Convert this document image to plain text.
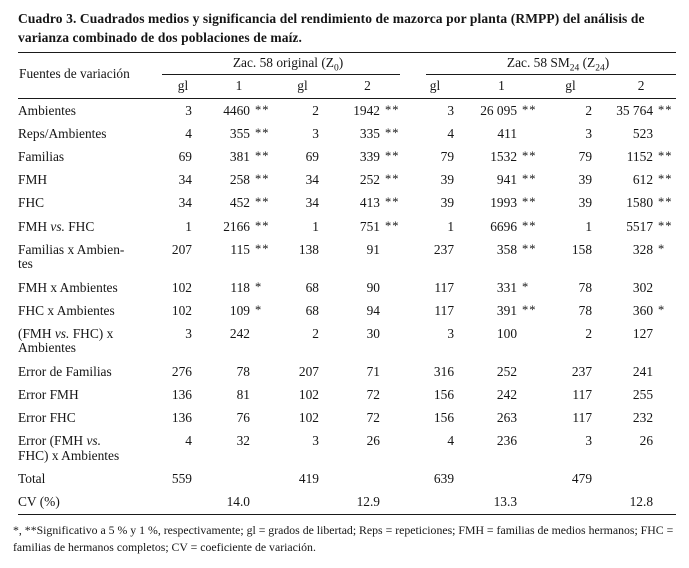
Cuadro 3. Cuadrados medios y significancia del rendimiento de mazorca por planta (RMPP) del análisis de varianza combinado de dos poblaciones de maíz.
Fuentes de variación	Zac. 58 original $(Z_0)$						Zac. 58 $SM_{24}$ $(Z_{24})$					

	gl	1		gl	2		gl	1		gl	2	
Ambientes	3	4460	**	2	1942	**	3	26 095	**	2	35 764	**
Reps/Ambientes	4	355	**	3	335	**	4	411		3	523	
Familias	69	381	**	69	339	**	79	1532	**	79	1152	**
FMH	34	258	**	34	252	**	39	941	**	39	612	**
FHC	34	452	**	34	413	**	39	1993	**	39	1580	**
FMH vs. FHC	1	2166	**	1	751	**	1	6696	**	1	5517	**
Familias x Ambien-
tes	207	115	**	138	91		237	358	**	158	328	*
FMH x Ambientes	102	118	*	68	90		117	331	*	78	302	
FHC x Ambientes	102	109	*	68	94		117	391	**	78	360	*
(FMH vs. FHC) x
Ambientes	3	242		2	30		3	100		2	127	
Error de Familias	276	78		207	71		316	252		237	241	
Error FMH	136	81		102	72		156	242		117	255	
Error FHC	136	76		102	72		156	263		117	232	
Error (FMH vs.
FHC) x Ambientes	4	32		3	26		4	236		3	26	
Total	559			419			639			479		
CV (%)		14.0			12.9			13.3			12.8	
*, **Significativo a 5 % y 1 %, respectivamente; gl = grados de libertad; Reps = repeticiones; FMH = familias de medios hermanos; FHC = familias de hermanos completos; CV = coeficiente de variación.
